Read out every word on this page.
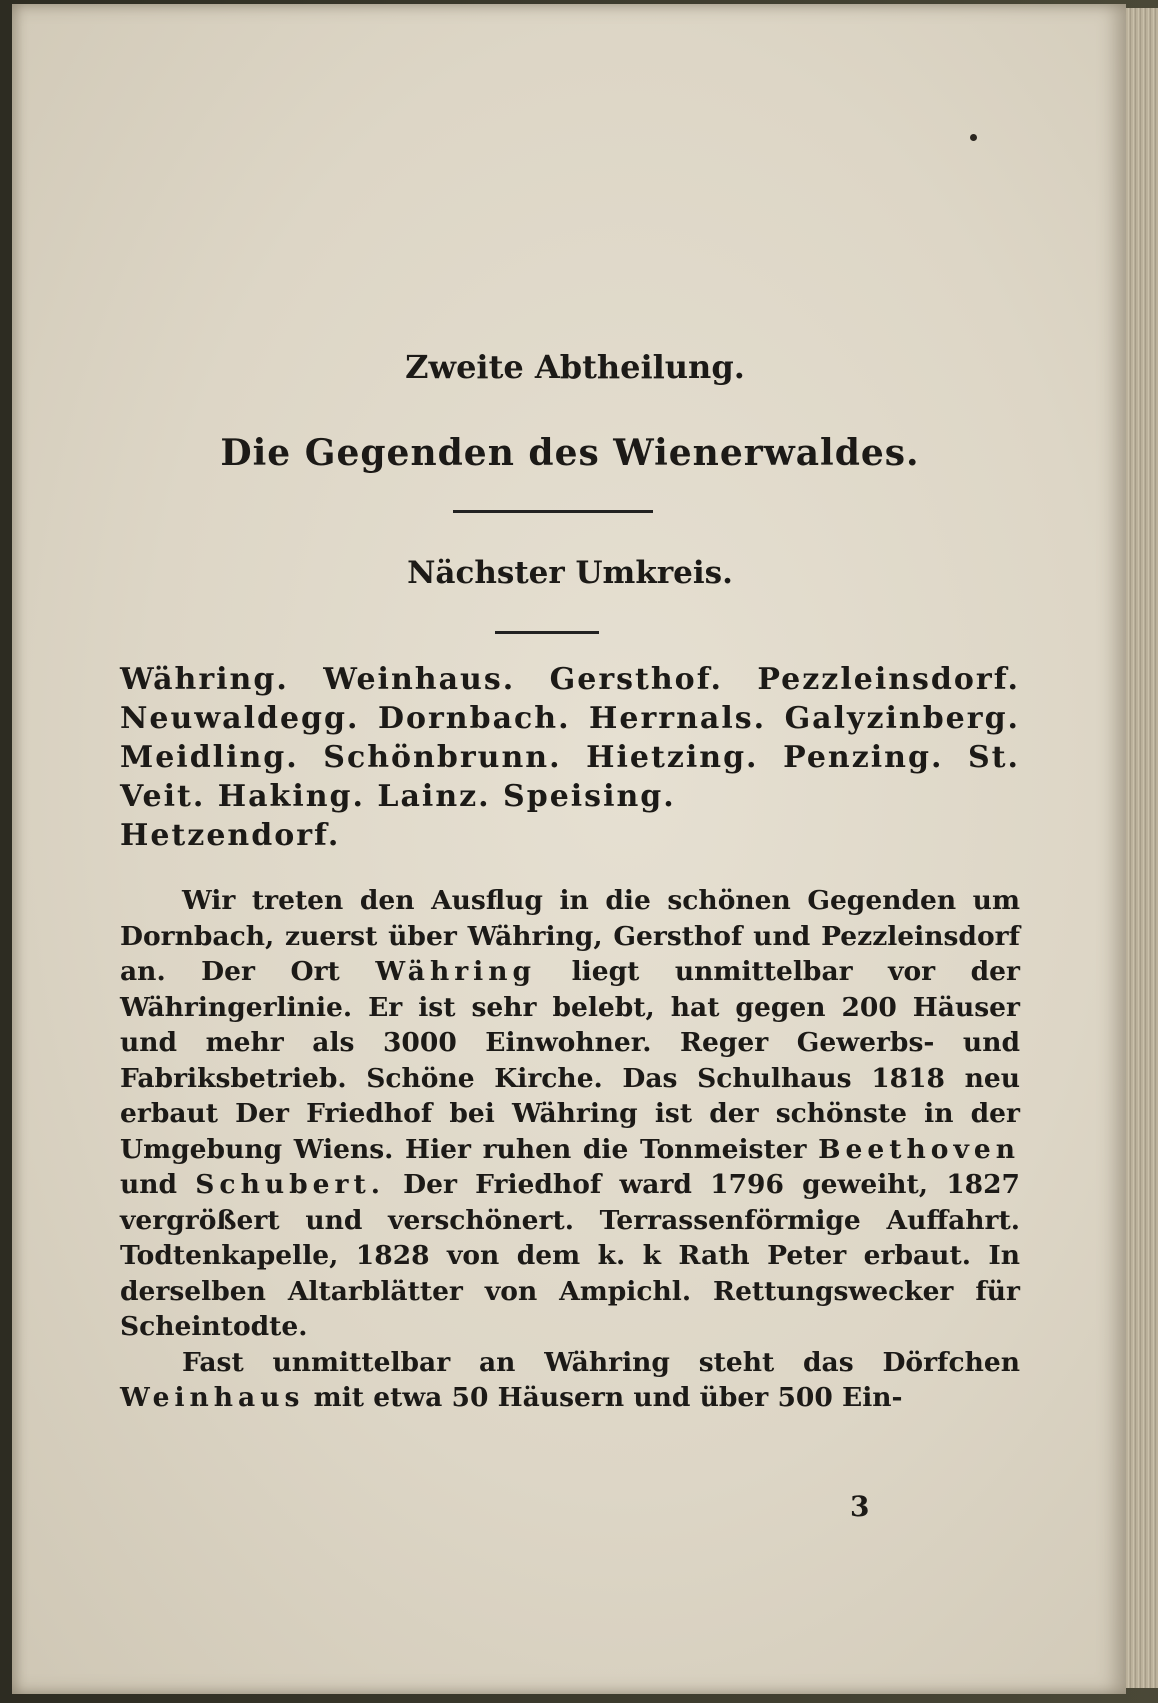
Zweite Abtheilung.
Die Gegenden des Wienerwaldes.
Nächster Umkreis.
Währing. Weinhaus. Gersthof. Pezzleinsdorf. Neuwaldegg. Dornbach. Herrnals. Galyzinberg. Meidling. Schönbrunn. Hietzing. Penzing. St. Veit. Haking. Lainz. Speising.
Hetzendorf.

Wir treten den Ausflug in die schönen Gegenden um Dornbach, zuerst über Währing, Gersthof und Pezzleinsdorf an. Der Ort Währing liegt unmittelbar vor der Währingerlinie. Er ist sehr belebt, hat gegen 200 Häuser und mehr als 3000 Einwohner. Reger Gewerbs- und Fabriksbetrieb. Schöne Kirche. Das Schulhaus 1818 neu erbaut Der Friedhof bei Währing ist der schönste in der Umgebung Wiens. Hier ruhen die Tonmeister Beethoven und Schubert. Der Friedhof ward 1796 geweiht, 1827 vergrößert und verschönert. Terrassenförmige Auffahrt. Todtenkapelle, 1828 von dem k. k Rath Peter erbaut. In derselben Altarblätter von Ampichl. Rettungswecker für Scheintodte.

Fast unmittelbar an Währing steht das Dörfchen Weinhaus mit etwa 50 Häusern und über 500 Ein-

3
